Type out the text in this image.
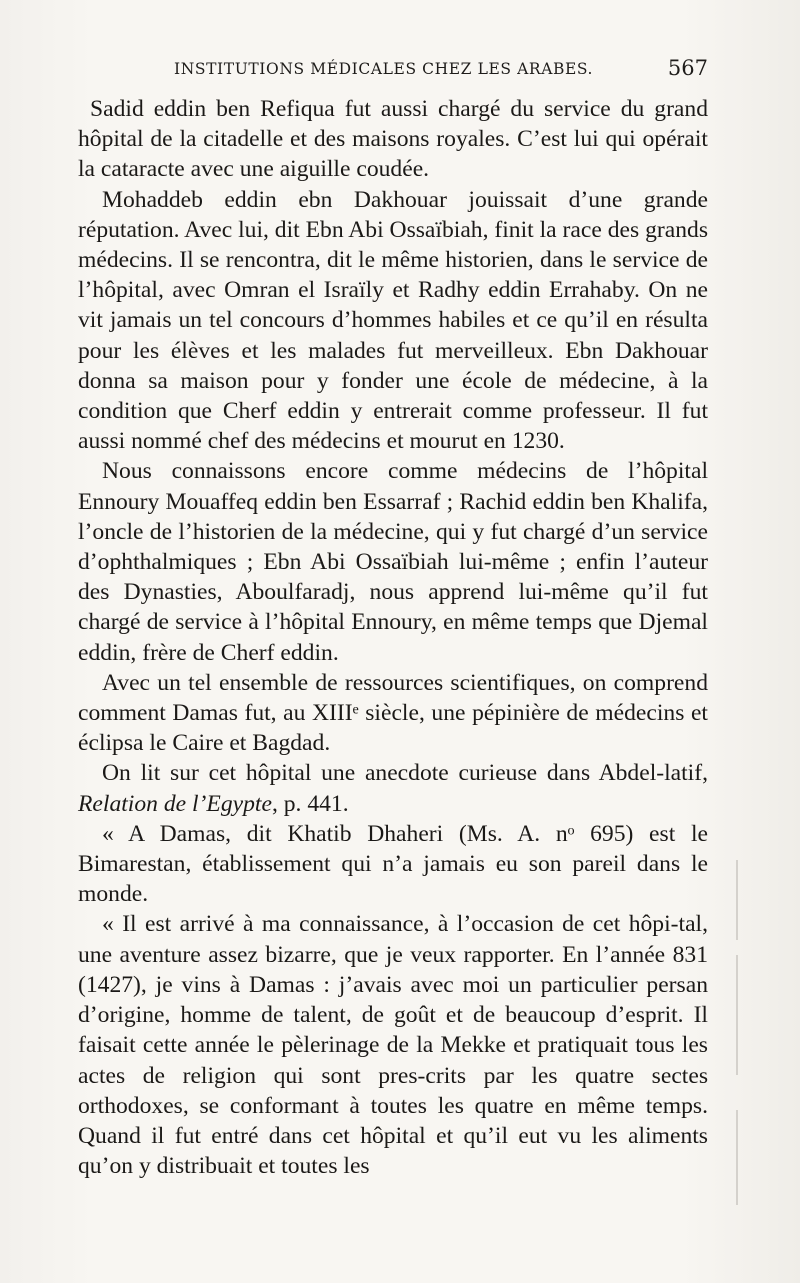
INSTITUTIONS MÉDICALES CHEZ LES ARABES.	567

Sadid eddin ben Refiqua fut aussi chargé du service du grand hôpital de la citadelle et des maisons royales. C’est lui qui opérait la cataracte avec une aiguille coudée.

Mohaddeb eddin ebn Dakhouar jouissait d’une grande réputation. Avec lui, dit Ebn Abi Ossaïbiah, finit la race des grands médecins. Il se rencontra, dit le même historien, dans le service de l’hôpital, avec Omran el Israïly et Radhy eddin Errahaby. On ne vit jamais un tel concours d’hommes habiles et ce qu’il en résulta pour les élèves et les malades fut merveilleux. Ebn Dakhouar donna sa maison pour y fonder une école de médecine, à la condition que Cherf eddin y entrerait comme professeur. Il fut aussi nommé chef des médecins et mourut en 1230.

Nous connaissons encore comme médecins de l’hôpital Ennoury Mouaffeq eddin ben Essarraf ; Rachid eddin ben Khalifa, l’oncle de l’historien de la médecine, qui y fut chargé d’un service d’ophthalmiques ; Ebn Abi Ossaïbiah lui-même ; enfin l’auteur des Dynasties, Aboulfaradj, nous apprend lui-même qu’il fut chargé de service à l’hôpital Ennoury, en même temps que Djemal eddin, frère de Cherf eddin.

Avec un tel ensemble de ressources scientifiques, on comprend comment Damas fut, au XIIIᵉ siècle, une pépinière de médecins et éclipsa le Caire et Bagdad.

On lit sur cet hôpital une anecdote curieuse dans Abdel-latif, Relation de l’Egypte, p. 441.

« A Damas, dit Khatib Dhaheri (Ms. A. nᵒ 695) est le Bimarestan, établissement qui n’a jamais eu son pareil dans le monde.

« Il est arrivé à ma connaissance, à l’occasion de cet hôpi-tal, une aventure assez bizarre, que je veux rapporter. En l’année 831 (1427), je vins à Damas : j’avais avec moi un particulier persan d’origine, homme de talent, de goût et de beaucoup d’esprit. Il faisait cette année le pèlerinage de la Mekke et pratiquait tous les actes de religion qui sont pres-crits par les quatre sectes orthodoxes, se conformant à toutes les quatre en même temps. Quand il fut entré dans cet hôpital et qu’il eut vu les aliments qu’on y distribuait et toutes les
